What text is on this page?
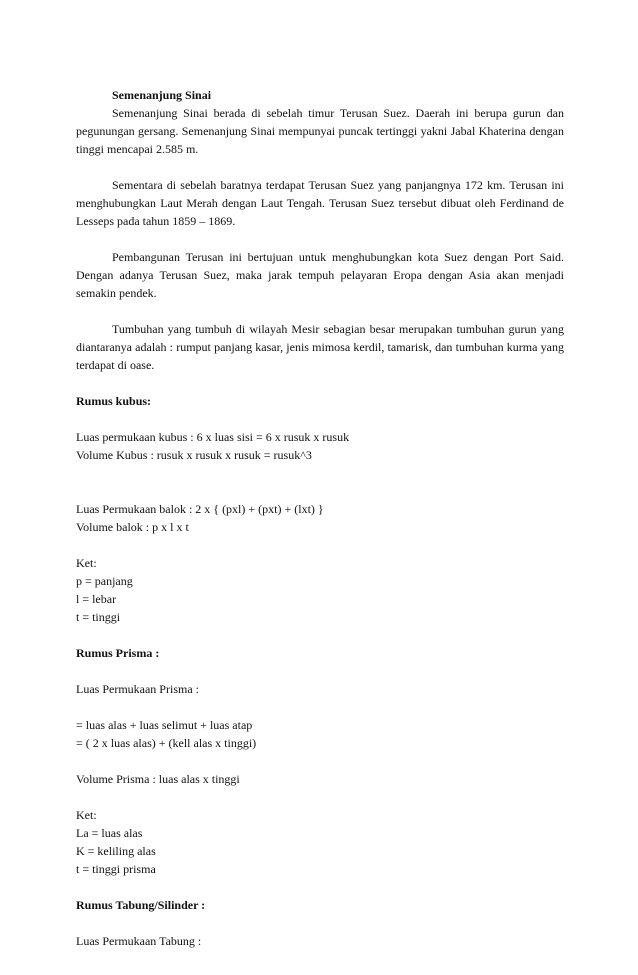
Semenanjung Sinai

Semenanjung Sinai berada di sebelah timur Terusan Suez. Daerah ini berupa gurun dan pegunungan gersang. Semenanjung Sinai mempunyai puncak tertinggi yakni Jabal Khaterina dengan tinggi mencapai 2.585 m.

Sementara di sebelah baratnya terdapat Terusan Suez yang panjangnya 172 km. Terusan ini menghubungkan Laut Merah dengan Laut Tengah. Terusan Suez tersebut dibuat oleh Ferdinand de Lesseps pada tahun 1859 – 1869.

Pembangunan Terusan ini bertujuan untuk menghubungkan kota Suez dengan Port Said. Dengan adanya Terusan Suez, maka jarak tempuh pelayaran Eropa dengan Asia akan menjadi semakin pendek.

Tumbuhan yang tumbuh di wilayah Mesir sebagian besar merupakan tumbuhan gurun yang diantaranya adalah : rumput panjang kasar, jenis mimosa kerdil, tamarisk, dan tumbuhan kurma yang terdapat di oase.

Rumus kubus:
Luas permukaan kubus : 6 x luas sisi = 6 x rusuk x rusuk
Volume Kubus : rusuk x rusuk x rusuk = rusuk^3
Luas Permukaan balok : 2 x { (pxl) + (pxt) + (lxt) }
Volume balok : p x l x t
Ket:
p = panjang
l = lebar
t = tinggi
Rumus Prisma :
Luas Permukaan Prisma :
= luas alas + luas selimut + luas atap
= ( 2 x luas alas) + (kell alas x tinggi)
Volume Prisma : luas alas x tinggi
Ket:
La = luas alas
K = keliling alas
t = tinggi prisma
Rumus Tabung/Silinder :
Luas Permukaan Tabung :
